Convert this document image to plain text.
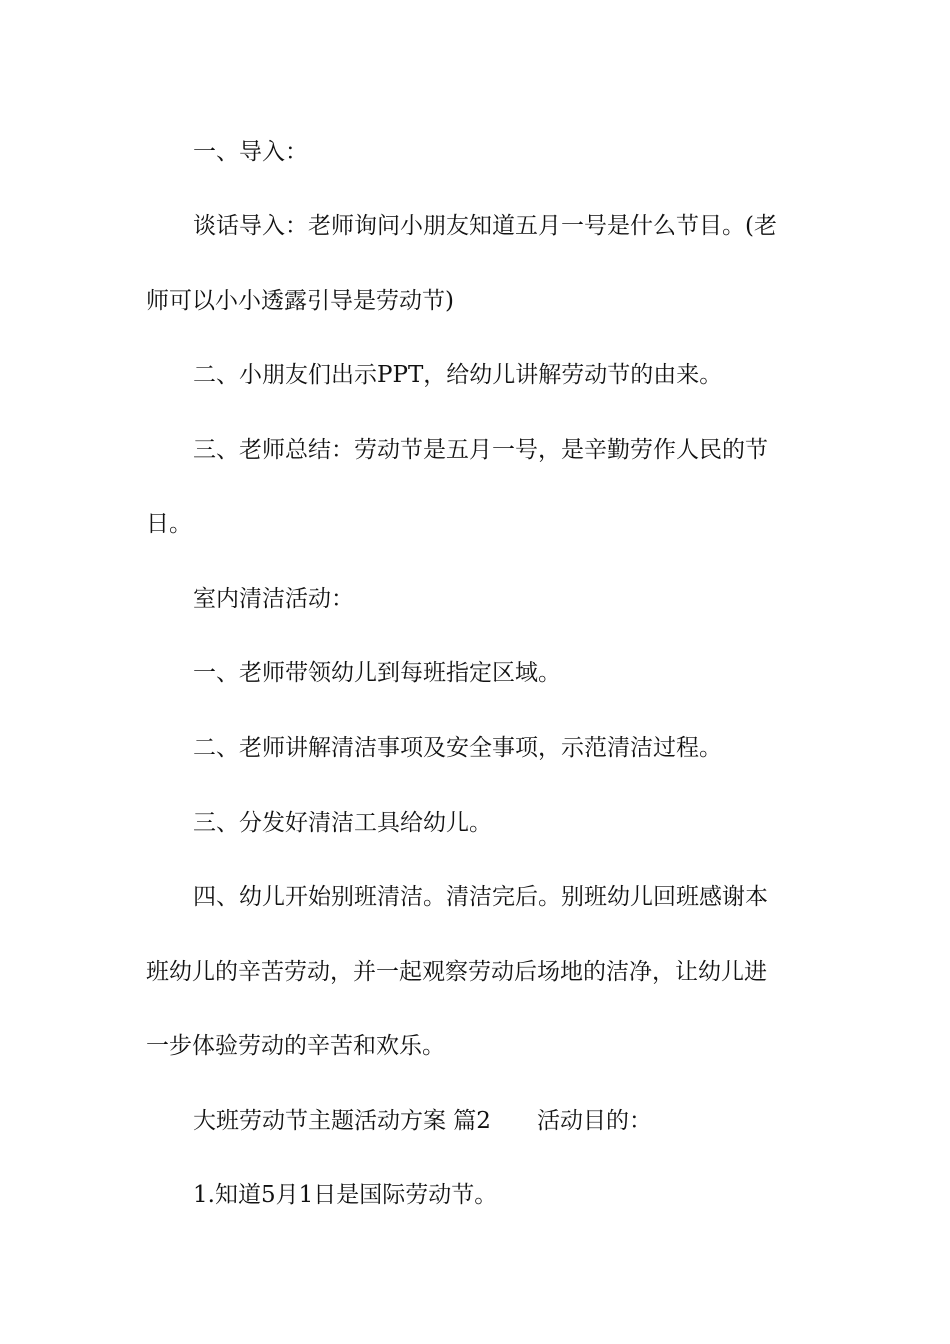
一、导入：
谈话导入：老师询问小朋友知道五月一号是什么节目。(老
师可以小小透露引导是劳动节)
二、小朋友们出示PPT，给幼儿讲解劳动节的由来。
三、老师总结：劳动节是五月一号，是辛勤劳作人民的节
日。
室内清洁活动：
一、老师带领幼儿到每班指定区域。
二、老师讲解清洁事项及安全事项，示范清洁过程。
三、分发好清洁工具给幼儿。
四、幼儿开始别班清洁。清洁完后。别班幼儿回班感谢本
班幼儿的辛苦劳动，并一起观察劳动后场地的洁净，让幼儿进
一步体验劳动的辛苦和欢乐。
大班劳动节主题活动方案 篇2 活动目的：
1.知道5月1日是国际劳动节。
